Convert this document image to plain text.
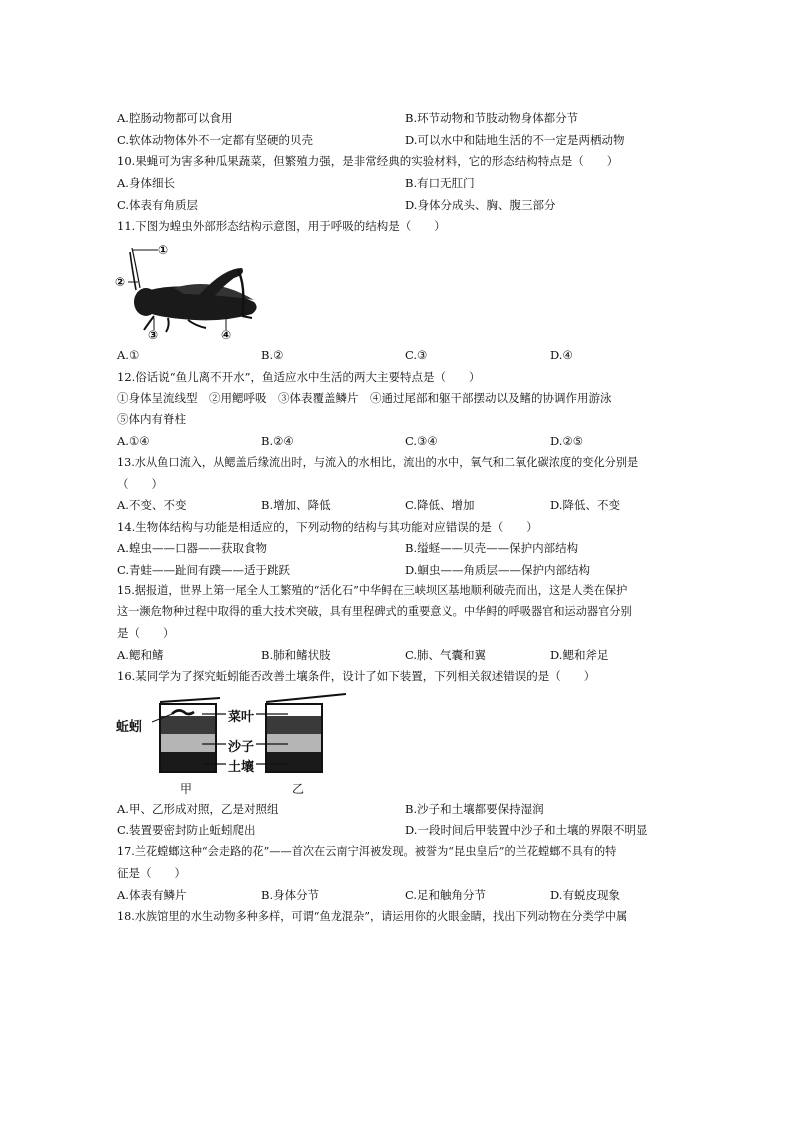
A.腔肠动物都可以食用	B.环节动物和节肢动物身体都分节
C.软体动物体外不一定都有坚硬的贝壳	D.可以水中和陆地生活的不一定是两栖动物
10.果蝇可为害多种瓜果蔬菜，但繁殖力强，是非常经典的实验材料，它的形态结构特点是（　　）
A.身体细长	B.有口无肛门
C.体表有角质层	D.身体分成头、胸、腹三部分
11.下图为蝗虫外部形态结构示意图，用于呼吸的结构是（　　）
①
②
③	④
A.①	B.②	C.③	D.④
12.俗话说“鱼儿离不开水”，鱼适应水中生活的两大主要特点是（　　）
①身体呈流线型　②用鳃呼吸　③体表覆盖鳞片　④通过尾部和躯干部摆动以及鳍的协调作用游泳
⑤体内有脊柱
A.①④	B.②④	C.③④	D.②⑤
13.水从鱼口流入，从鳃盖后缘流出时，与流入的水相比，流出的水中，氧气和二氧化碳浓度的变化分别是
（　　）
A.不变、不变	B.增加、降低	C.降低、增加	D.降低、不变
14.生物体结构与功能是相适应的，下列动物的结构与其功能对应错误的是（　　）
A.蝗虫——口器——获取食物	B.缢蛏——贝壳——保护内部结构
C.青蛙——趾间有蹼——适于跳跃	D.蛔虫——角质层——保护内部结构
15.据报道，世界上第一尾全人工繁殖的“活化石”中华鲟在三峡坝区基地顺利破壳而出，这是人类在保护
这一濒危物种过程中取得的重大技术突破，具有里程碑式的重要意义。中华鲟的呼吸器官和运动器官分别
是（　　）
A.鳃和鳍	B.肺和鳍状肢	C.肺、气囊和翼	D.鳃和斧足
16.某同学为了探究蚯蚓能否改善土壤条件，设计了如下装置，下列相关叙述错误的是（　　）
蚯蚓
菜叶
沙子
土壤
甲	乙
A.甲、乙形成对照，乙是对照组	B.沙子和土壤都要保持湿润
C.装置要密封防止蚯蚓爬出	D.一段时间后甲装置中沙子和土壤的界限不明显
17.兰花螳螂这种“会走路的花”——首次在云南宁洱被发现。被誉为“昆虫皇后”的兰花螳螂不具有的特
征是（　　）
A.体表有鳞片	B.身体分节	C.足和触角分节	D.有蜕皮现象
18.水族馆里的水生动物多种多样，可谓“鱼龙混杂”，请运用你的火眼金睛，找出下列动物在分类学中属
